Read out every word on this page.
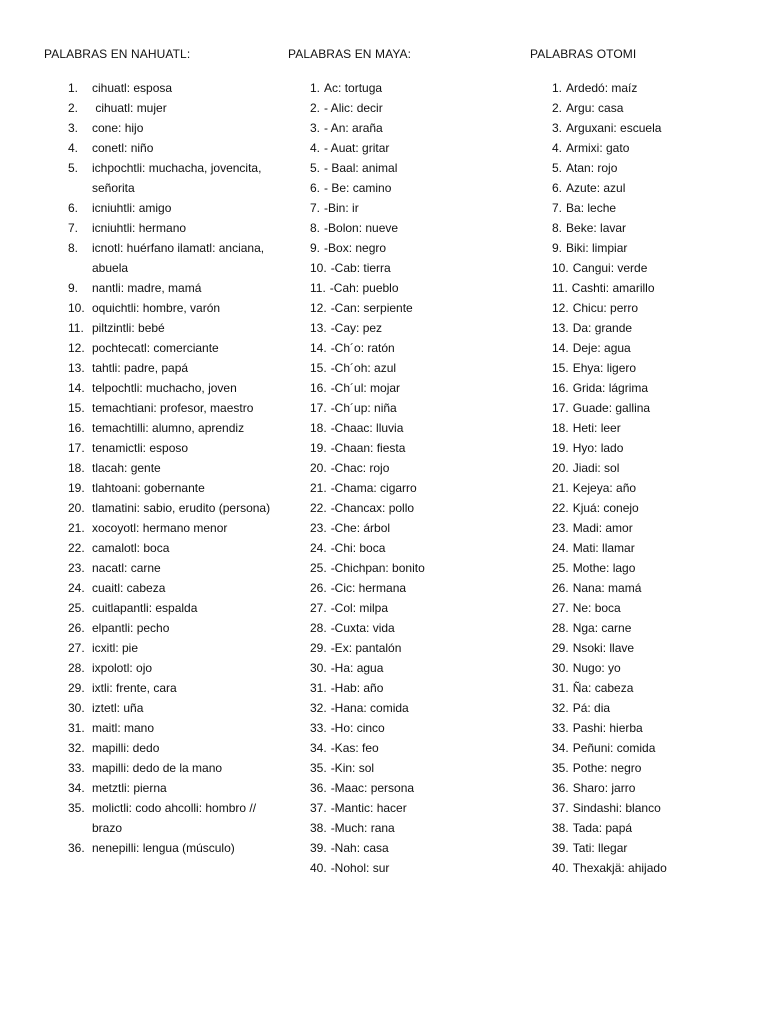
PALABRAS EN NAHUATL:
1.	cihuatl: esposa
2.	cihuatl: mujer
3.	cone: hijo
4.	conetl: niño
5.	ichpochtli: muchacha, jovencita, señorita
6.	icniuhtli: amigo
7.	icniuhtli: hermano
8.	icnotl: huérfano ilamatl: anciana, abuela
9.	nantli: madre, mamá
10. oquichtli: hombre, varón
11. piltzintli: bebé
12. pochtecatl: comerciante
13. tahtli: padre, papá
14. telpochtli: muchacho, joven
15. temachtiani: profesor, maestro
16. temachtilli: alumno, aprendiz
17. tenamictli: esposo
18. tlacah: gente
19. tlahtoani: gobernante
20. tlamatini: sabio, erudito (persona)
21. xocoyotl: hermano menor
22. camalotl: boca
23. nacatl: carne
24. cuaitl: cabeza
25. cuitlapantli: espalda
26. elpantli: pecho
27. icxitl: pie
28. ixpolotl: ojo
29. ixtli: frente, cara
30. iztetl: uña
31. maitl: mano
32. mapilli: dedo
33. mapilli: dedo de la mano
34. metztli: pierna
35. molictli: codo ahcolli: hombro // brazo
36. nenepilli: lengua (músculo)
PALABRAS EN MAYA:
1. Ac: tortuga
2. - Alic: decir
3. - An: araña
4. - Auat: gritar
5. - Baal: animal
6. - Be: camino
7. -Bin: ir
8. -Bolon: nueve
9. -Box: negro
10. -Cab: tierra
11. -Cah: pueblo
12. -Can: serpiente
13. -Cay: pez
14. -Ch´o: ratón
15. -Ch´oh: azul
16. -Ch´ul: mojar
17. -Ch´up: niña
18. -Chaac: lluvia
19. -Chaan: fiesta
20. -Chac: rojo
21. -Chama: cigarro
22. -Chancax: pollo
23. -Che: árbol
24. -Chi: boca
25. -Chichpan: bonito
26. -Cic: hermana
27. -Col: milpa
28. -Cuxta: vida
29. -Ex: pantalón
30. -Ha: agua
31. -Hab: año
32. -Hana: comida
33. -Ho: cinco
34. -Kas: feo
35. -Kin: sol
36. -Maac: persona
37. -Mantic: hacer
38. -Much: rana
39. -Nah: casa
40. -Nohol: sur
PALABRAS OTOMI
1. Ardedó: maíz
2. Argu: casa
3. Arguxani: escuela
4. Armixi: gato
5. Atan: rojo
6. Azute: azul
7. Ba: leche
8. Beke: lavar
9. Biki: limpiar
10. Cangui: verde
11. Cashti: amarillo
12. Chicu: perro
13. Da: grande
14. Deje: agua
15. Ehya: ligero
16. Grida: lágrima
17. Guade: gallina
18. Heti: leer
19. Hyo: lado
20. Jiadi: sol
21. Kejeya: año
22. Kjuá: conejo
23. Madi: amor
24. Mati: llamar
25. Mothe: lago
26. Nana: mamá
27. Ne: boca
28. Nga: carne
29. Nsoki: llave
30. Nugo: yo
31. Ña: cabeza
32. Pá: dia
33. Pashi: hierba
34. Peñuni: comida
35. Pothe: negro
36. Sharo: jarro
37. Sindashi: blanco
38. Tada: papá
39. Tati: llegar
40. Thexakjä: ahijado
